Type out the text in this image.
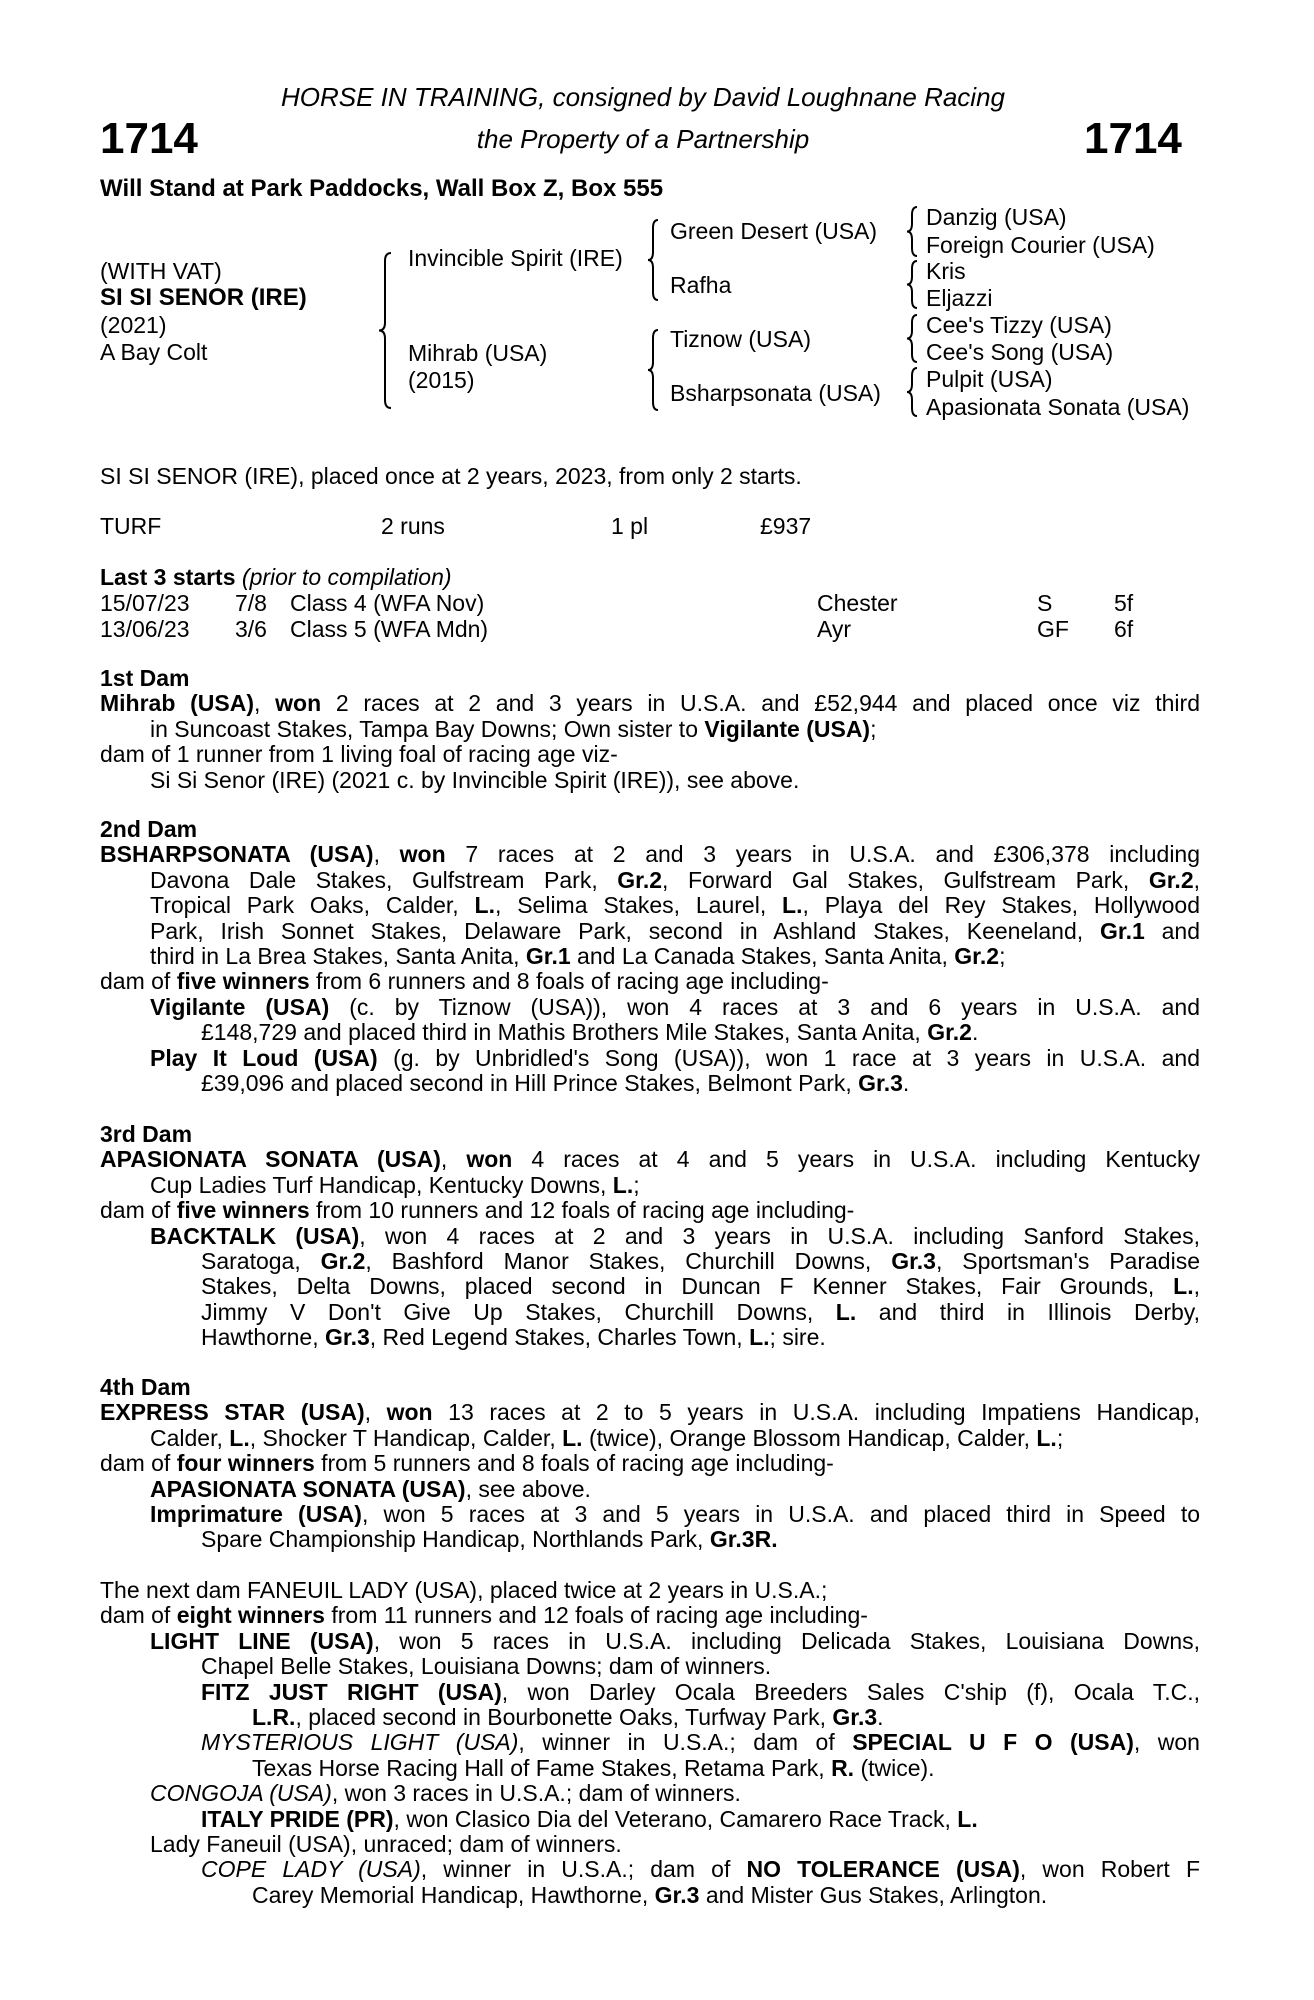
HORSE IN TRAINING, consigned by David Loughnane Racing
1714	the Property of a Partnership	1714
Will Stand at Park Paddocks, Wall Box Z, Box 555
(WITH VAT)
SI SI SENOR (IRE)
(2021)
A Bay Colt
Invincible Spirit (IRE)
Mihrab (USA)
(2015)
Green Desert (USA)
Rafha
Tiznow (USA)
Bsharpsonata (USA)
Danzig (USA)
Foreign Courier (USA)
Kris
Eljazzi
Cee's Tizzy (USA)
Cee's Song (USA)
Pulpit (USA)
Apasionata Sonata (USA)
SI SI SENOR (IRE), placed once at 2 years, 2023, from only 2 starts.
TURF	2 runs	1 pl	£937
Last 3 starts (prior to compilation)
15/07/23 7/8 Class 4 (WFA Nov)	Chester	S	5f
13/06/23 3/6 Class 5 (WFA Mdn)	Ayr	GF 6f
1st Dam
Mihrab (USA), won 2 races at 2 and 3 years in U.S.A. and £52,944 and placed once viz third
in Suncoast Stakes, Tampa Bay Downs; Own sister to Vigilante (USA);
dam of 1 runner from 1 living foal of racing age viz-
Si Si Senor (IRE) (2021 c. by Invincible Spirit (IRE)), see above.
2nd Dam
BSHARPSONATA (USA), won 7 races at 2 and 3 years in U.S.A. and £306,378 including
Davona Dale Stakes, Gulfstream Park, Gr.2, Forward Gal Stakes, Gulfstream Park, Gr.2,
Tropical Park Oaks, Calder, L., Selima Stakes, Laurel, L., Playa del Rey Stakes, Hollywood
Park, Irish Sonnet Stakes, Delaware Park, second in Ashland Stakes, Keeneland, Gr.1 and
third in La Brea Stakes, Santa Anita, Gr.1 and La Canada Stakes, Santa Anita, Gr.2;
dam of five winners from 6 runners and 8 foals of racing age including-
Vigilante (USA) (c. by Tiznow (USA)), won 4 races at 3 and 6 years in U.S.A. and
£148,729 and placed third in Mathis Brothers Mile Stakes, Santa Anita, Gr.2.
Play It Loud (USA) (g. by Unbridled's Song (USA)), won 1 race at 3 years in U.S.A. and
£39,096 and placed second in Hill Prince Stakes, Belmont Park, Gr.3.
3rd Dam
APASIONATA SONATA (USA), won 4 races at 4 and 5 years in U.S.A. including Kentucky
Cup Ladies Turf Handicap, Kentucky Downs, L.;
dam of five winners from 10 runners and 12 foals of racing age including-
BACKTALK (USA), won 4 races at 2 and 3 years in U.S.A. including Sanford Stakes,
Saratoga, Gr.2, Bashford Manor Stakes, Churchill Downs, Gr.3, Sportsman's Paradise
Stakes, Delta Downs, placed second in Duncan F Kenner Stakes, Fair Grounds, L.,
Jimmy V Don't Give Up Stakes, Churchill Downs, L. and third in Illinois Derby,
Hawthorne, Gr.3, Red Legend Stakes, Charles Town, L.; sire.
4th Dam
EXPRESS STAR (USA), won 13 races at 2 to 5 years in U.S.A. including Impatiens Handicap,
Calder, L., Shocker T Handicap, Calder, L. (twice), Orange Blossom Handicap, Calder, L.;
dam of four winners from 5 runners and 8 foals of racing age including-
APASIONATA SONATA (USA), see above.
Imprimature (USA), won 5 races at 3 and 5 years in U.S.A. and placed third in Speed to
Spare Championship Handicap, Northlands Park, Gr.3R.
The next dam FANEUIL LADY (USA), placed twice at 2 years in U.S.A.;
dam of eight winners from 11 runners and 12 foals of racing age including-
LIGHT LINE (USA), won 5 races in U.S.A. including Delicada Stakes, Louisiana Downs,
Chapel Belle Stakes, Louisiana Downs; dam of winners.
FITZ JUST RIGHT (USA), won Darley Ocala Breeders Sales C'ship (f), Ocala T.C.,
L.R., placed second in Bourbonette Oaks, Turfway Park, Gr.3.
MYSTERIOUS LIGHT (USA), winner in U.S.A.; dam of SPECIAL U F O (USA), won
Texas Horse Racing Hall of Fame Stakes, Retama Park, R. (twice).
CONGOJA (USA), won 3 races in U.S.A.; dam of winners.
ITALY PRIDE (PR), won Clasico Dia del Veterano, Camarero Race Track, L.
Lady Faneuil (USA), unraced; dam of winners.
COPE LADY (USA), winner in U.S.A.; dam of NO TOLERANCE (USA), won Robert F
Carey Memorial Handicap, Hawthorne, Gr.3 and Mister Gus Stakes, Arlington.
